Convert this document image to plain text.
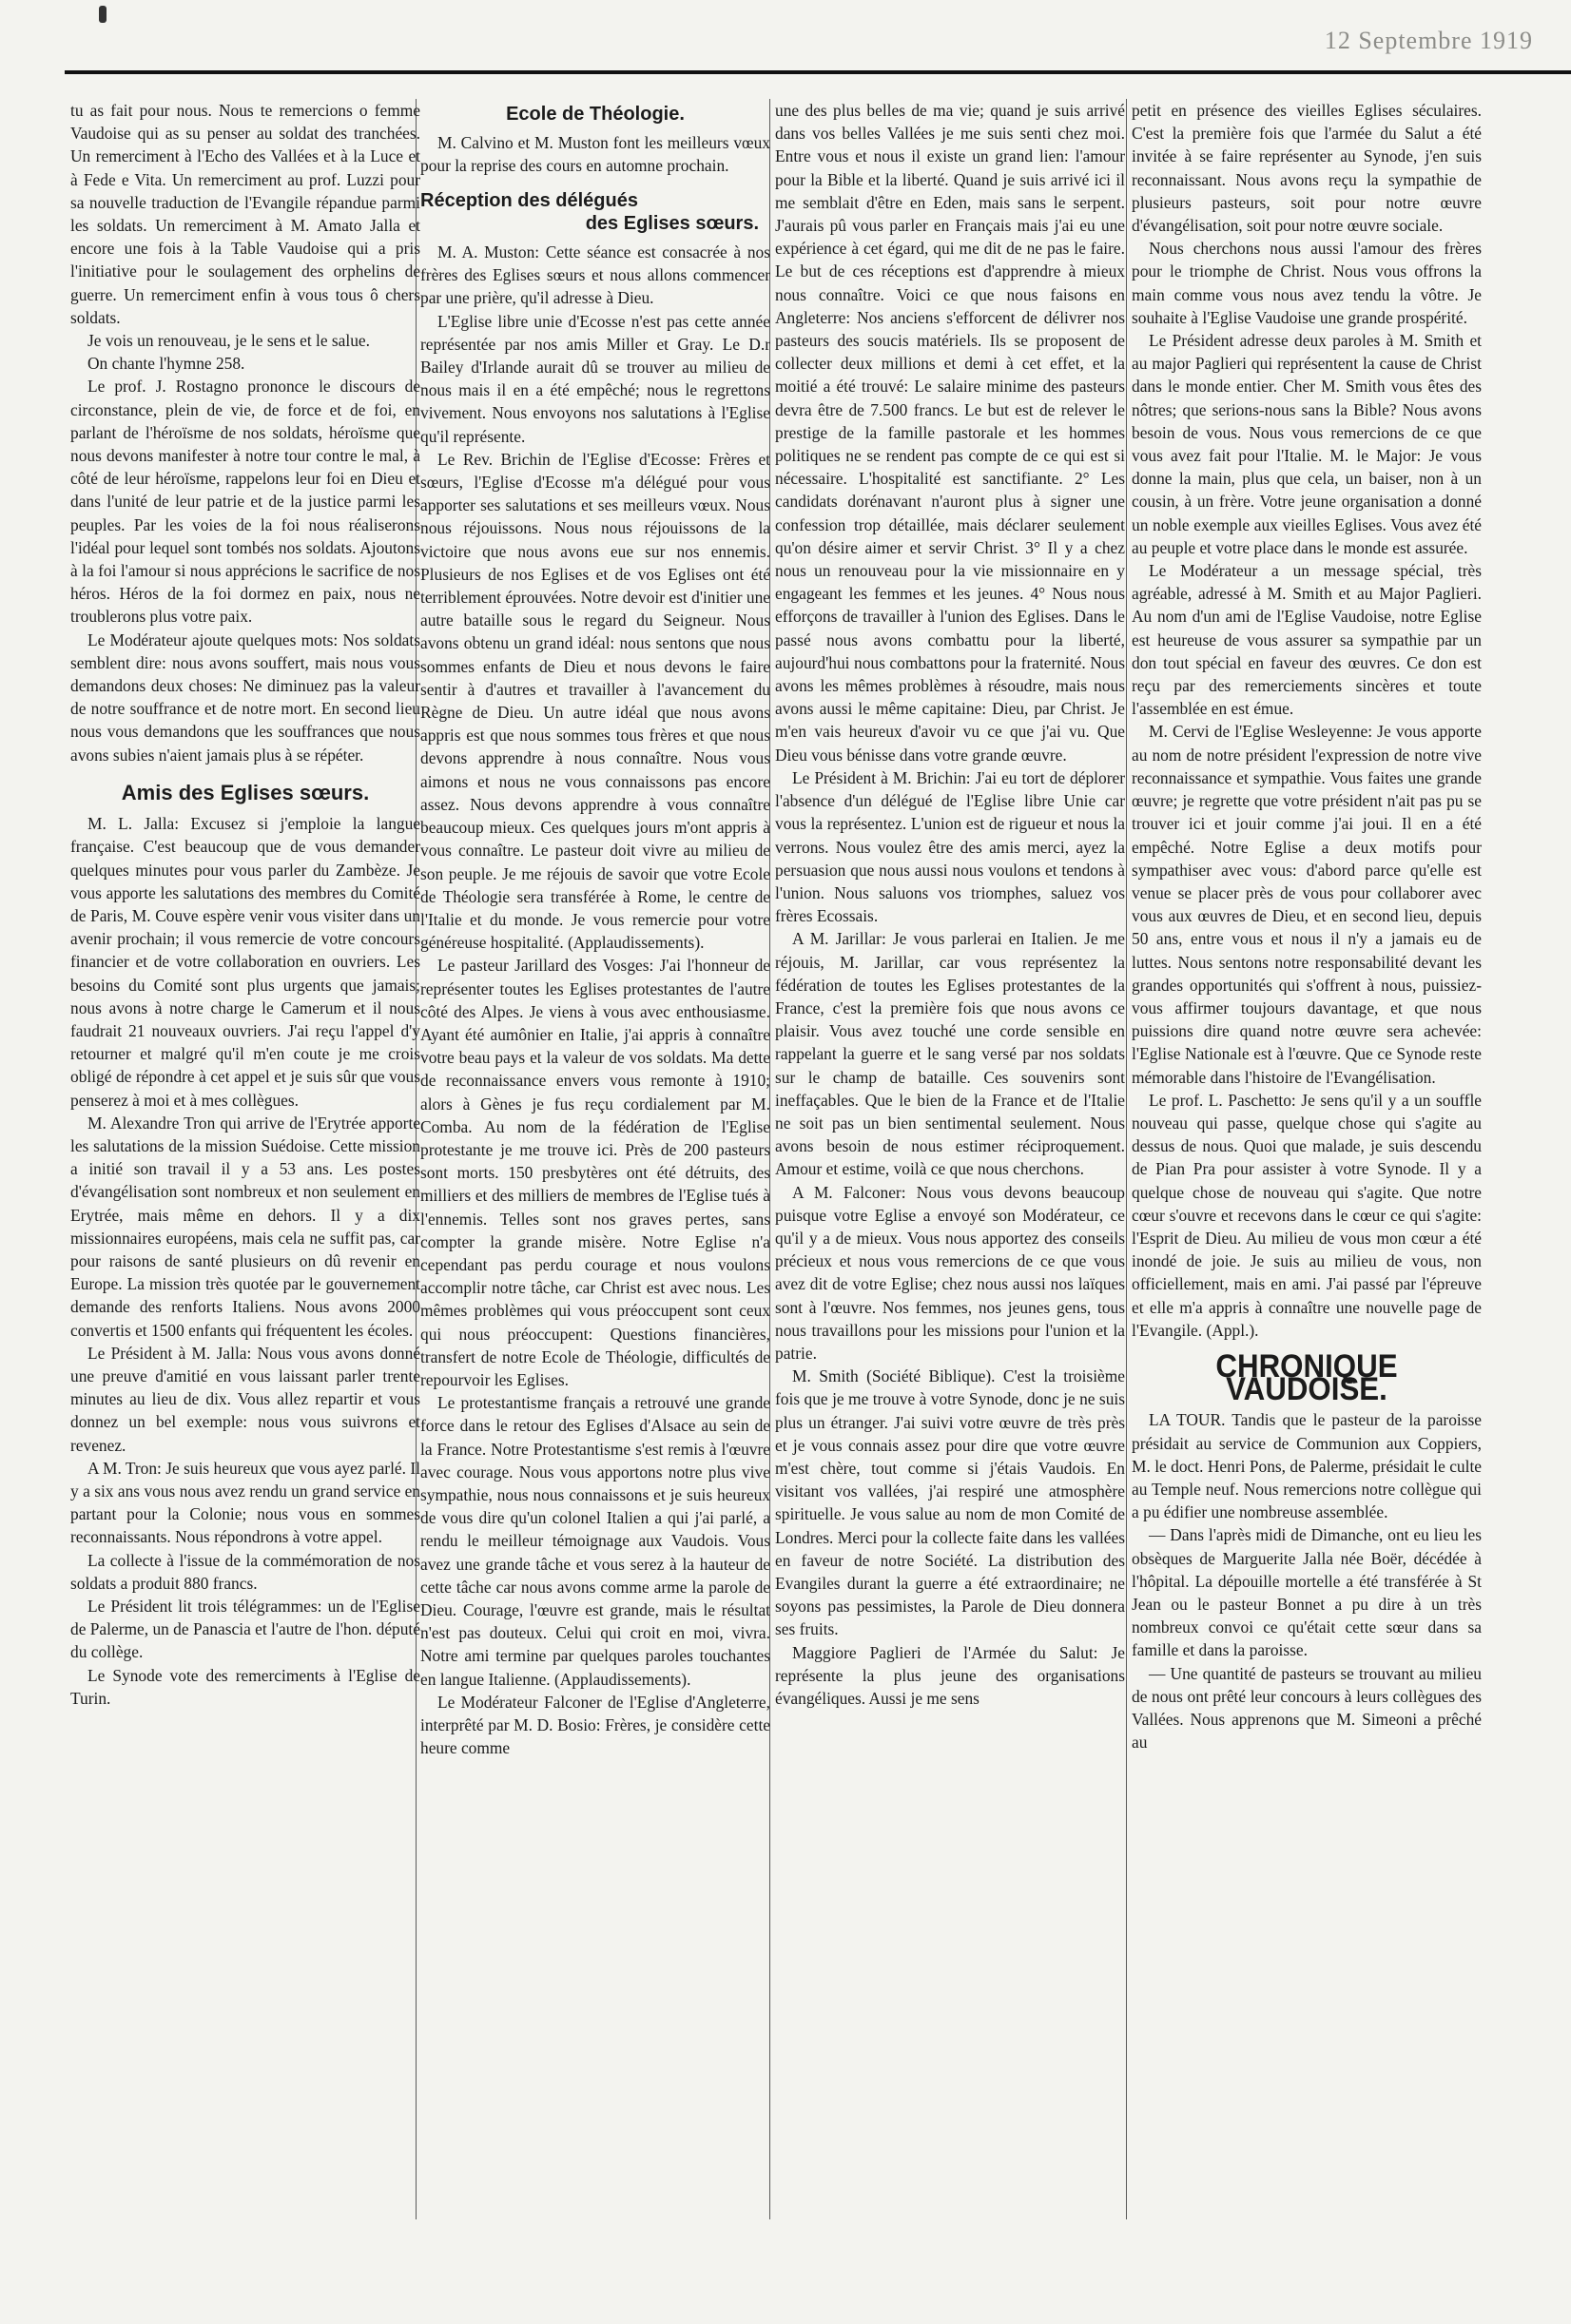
12 Septembre 1919

tu as fait pour nous. Nous te remercions o femme Vaudoise qui as su penser au soldat des tranchées. Un remerciment à l'Echo des Vallées et à la Luce et à Fede e Vita. Un remerciment au prof. Luzzi pour sa nouvelle traduction de l'Evangile répandue parmi les soldats. Un remerciment à M. Amato Jalla et encore une fois à la Table Vaudoise qui a pris l'initiative pour le soulagement des orphelins de guerre. Un remerciment enfin à vous tous ô chers soldats.

Je vois un renouveau, je le sens et le salue.

On chante l'hymne 258.

Le prof. J. Rostagno prononce le discours de circonstance, plein de vie, de force et de foi, en parlant de l'héroïsme de nos soldats, héroïsme que nous devons manifester à notre tour contre le mal, à côté de leur héroïsme, rappelons leur foi en Dieu et dans l'unité de leur patrie et de la justice parmi les peuples. Par les voies de la foi nous réaliserons l'idéal pour lequel sont tombés nos soldats. Ajoutons à la foi l'amour si nous apprécions le sacrifice de nos héros. Héros de la foi dormez en paix, nous ne troublerons plus votre paix.

Le Modérateur ajoute quelques mots: Nos soldats semblent dire: nous avons souffert, mais nous vous demandons deux choses: Ne diminuez pas la valeur de notre souffrance et de notre mort. En second lieu nous vous demandons que les souffrances que nous avons subies n'aient jamais plus à se répéter.

Amis des Eglises sœurs.

M. L. Jalla: Excusez si j'emploie la langue française. C'est beaucoup que de vous demander quelques minutes pour vous parler du Zambèze. Je vous apporte les salutations des membres du Comité de Paris, M. Couve espère venir vous visiter dans un avenir prochain; il vous remercie de votre concours financier et de votre collaboration en ouvriers. Les besoins du Comité sont plus urgents que jamais; nous avons à notre charge le Camerum et il nous faudrait 21 nouveaux ouvriers. J'ai reçu l'appel d'y retourner et malgré qu'il m'en coute je me crois obligé de répondre à cet appel et je suis sûr que vous penserez à moi et à mes collègues.

M. Alexandre Tron qui arrive de l'Erytrée apporte les salutations de la mission Suédoise. Cette mission a initié son travail il y a 53 ans. Les postes d'évangélisation sont nombreux et non seulement en Erytrée, mais même en dehors. Il y a dix missionnaires européens, mais cela ne suffit pas, car pour raisons de santé plusieurs on dû revenir en Europe. La mission très quotée par le gouvernement demande des renforts Italiens. Nous avons 2000 convertis et 1500 enfants qui fréquentent les écoles.

Le Président à M. Jalla: Nous vous avons donné une preuve d'amitié en vous laissant parler trente minutes au lieu de dix. Vous allez repartir et vous donnez un bel exemple: nous vous suivrons et revenez.

A M. Tron: Je suis heureux que vous ayez parlé. Il y a six ans vous nous avez rendu un grand service en partant pour la Colonie; nous vous en sommes reconnaissants. Nous répondrons à votre appel.

La collecte à l'issue de la commémoration de nos soldats a produit 880 francs.

Le Président lit trois télégrammes: un de l'Eglise de Palerme, un de Panascia et l'autre de l'hon. député du collège.

Le Synode vote des remerciments à l'Eglise de Turin.

Ecole de Théologie.

M. Calvino et M. Muston font les meilleurs vœux pour la reprise des cours en automne prochain.

Réception des délégués
des Eglises sœurs.

M. A. Muston: Cette séance est consacrée à nos frères des Eglises sœurs et nous allons commencer par une prière, qu'il adresse à Dieu.

L'Eglise libre unie d'Ecosse n'est pas cette année représentée par nos amis Miller et Gray. Le D.r Bailey d'Irlande aurait dû se trouver au milieu de nous mais il en a été empêché; nous le regrettons vivement. Nous envoyons nos salutations à l'Eglise qu'il représente.

Le Rev. Brichin de l'Eglise d'Ecosse: Frères et sœurs, l'Eglise d'Ecosse m'a délégué pour vous apporter ses salutations et ses meilleurs vœux. Nous nous réjouissons. Nous nous réjouissons de la victoire que nous avons eue sur nos ennemis. Plusieurs de nos Eglises et de vos Eglises ont été terriblement éprouvées. Notre devoir est d'initier une autre bataille sous le regard du Seigneur. Nous avons obtenu un grand idéal: nous sentons que nous sommes enfants de Dieu et nous devons le faire sentir à d'autres et travailler à l'avancement du Règne de Dieu. Un autre idéal que nous avons appris est que nous sommes tous frères et que nous devons apprendre à nous connaître. Nous vous aimons et nous ne vous connaissons pas encore assez. Nous devons apprendre à vous connaître beaucoup mieux. Ces quelques jours m'ont appris à vous connaître. Le pasteur doit vivre au milieu de son peuple. Je me réjouis de savoir que votre Ecole de Théologie sera transférée à Rome, le centre de l'Italie et du monde. Je vous remercie pour votre généreuse hospitalité. (Applaudissements).

Le pasteur Jarillard des Vosges: J'ai l'honneur de représenter toutes les Eglises protestantes de l'autre côté des Alpes. Je viens à vous avec enthousiasme. Ayant été aumônier en Italie, j'ai appris à connaître votre beau pays et la valeur de vos soldats. Ma dette de reconnaissance envers vous remonte à 1910; alors à Gènes je fus reçu cordialement par M. Comba. Au nom de la fédération de l'Eglise protestante je me trouve ici. Près de 200 pasteurs sont morts. 150 presbytères ont été détruits, des milliers et des milliers de membres de l'Eglise tués à l'ennemis. Telles sont nos graves pertes, sans compter la grande misère. Notre Eglise n'a cependant pas perdu courage et nous voulons accomplir notre tâche, car Christ est avec nous. Les mêmes problèmes qui vous préoccupent sont ceux qui nous préoccupent: Questions financières, transfert de notre Ecole de Théologie, difficultés de repourvoir les Eglises.

Le protestantisme français a retrouvé une grande force dans le retour des Eglises d'Alsace au sein de la France. Notre Protestantisme s'est remis à l'œuvre avec courage. Nous vous apportons notre plus vive sympathie, nous nous connaissons et je suis heureux de vous dire qu'un colonel Italien a qui j'ai parlé, a rendu le meilleur témoignage aux Vaudois. Vous avez une grande tâche et vous serez à la hauteur de cette tâche car nous avons comme arme la parole de Dieu. Courage, l'œuvre est grande, mais le résultat n'est pas douteux. Celui qui croit en moi, vivra. Notre ami termine par quelques paroles touchantes en langue Italienne. (Applaudissements).

Le Modérateur Falconer de l'Eglise d'Angleterre, interprêté par M. D. Bosio: Frères, je considère cette heure comme

une des plus belles de ma vie; quand je suis arrivé dans vos belles Vallées je me suis senti chez moi. Entre vous et nous il existe un grand lien: l'amour pour la Bible et la liberté. Quand je suis arrivé ici il me semblait d'être en Eden, mais sans le serpent. J'aurais pû vous parler en Français mais j'ai eu une expérience à cet égard, qui me dit de ne pas le faire. Le but de ces réceptions est d'apprendre à mieux nous connaître. Voici ce que nous faisons en Angleterre: Nos anciens s'efforcent de délivrer nos pasteurs des soucis matériels. Ils se proposent de collecter deux millions et demi à cet effet, et la moitié a été trouvé: Le salaire minime des pasteurs devra être de 7.500 francs. Le but est de relever le prestige de la famille pastorale et les hommes politiques ne se rendent pas compte de ce qui est si nécessaire. L'hospitalité est sanctifiante. 2° Les candidats dorénavant n'auront plus à signer une confession trop détaillée, mais déclarer seulement qu'on désire aimer et servir Christ. 3° Il y a chez nous un renouveau pour la vie missionnaire en y engageant les femmes et les jeunes. 4° Nous nous efforçons de travailler à l'union des Eglises. Dans le passé nous avons combattu pour la liberté, aujourd'hui nous combattons pour la fraternité. Nous avons les mêmes problèmes à résoudre, mais nous avons aussi le même capitaine: Dieu, par Christ. Je m'en vais heureux d'avoir vu ce que j'ai vu. Que Dieu vous bénisse dans votre grande œuvre.

Le Président à M. Brichin: J'ai eu tort de déplorer l'absence d'un délégué de l'Eglise libre Unie car vous la représentez. L'union est de rigueur et nous la verrons. Nous voulez être des amis merci, ayez la persuasion que nous aussi nous voulons et tendons à l'union. Nous saluons vos triomphes, saluez vos frères Ecossais.

A M. Jarillar: Je vous parlerai en Italien. Je me réjouis, M. Jarillar, car vous représentez la fédération de toutes les Eglises protestantes de la France, c'est la première fois que nous avons ce plaisir. Vous avez touché une corde sensible en rappelant la guerre et le sang versé par nos soldats sur le champ de bataille. Ces souvenirs sont ineffaçables. Que le bien de la France et de l'Italie ne soit pas un bien sentimental seulement. Nous avons besoin de nous estimer réciproquement. Amour et estime, voilà ce que nous cherchons.

A M. Falconer: Nous vous devons beaucoup puisque votre Eglise a envoyé son Modérateur, ce qu'il y a de mieux. Vous nous apportez des conseils précieux et nous vous remercions de ce que vous avez dit de votre Eglise; chez nous aussi nos laïques sont à l'œuvre. Nos femmes, nos jeunes gens, tous nous travaillons pour les missions pour l'union et la patrie.

M. Smith (Société Biblique). C'est la troisième fois que je me trouve à votre Synode, donc je ne suis plus un étranger. J'ai suivi votre œuvre de très près et je vous connais assez pour dire que votre œuvre m'est chère, tout comme si j'étais Vaudois. En visitant vos vallées, j'ai respiré une atmosphère spirituelle. Je vous salue au nom de mon Comité de Londres. Merci pour la collecte faite dans les vallées en faveur de notre Société. La distribution des Evangiles durant la guerre a été extraordinaire; ne soyons pas pessimistes, la Parole de Dieu donnera ses fruits.

Maggiore Paglieri de l'Armée du Salut: Je représente la plus jeune des organisations évangéliques. Aussi je me sens

petit en présence des vieilles Eglises séculaires. C'est la première fois que l'armée du Salut a été invitée à se faire représenter au Synode, j'en suis reconnaissant. Nous avons reçu la sympathie de plusieurs pasteurs, soit pour notre œuvre d'évangélisation, soit pour notre œuvre sociale.

Nous cherchons nous aussi l'amour des frères pour le triomphe de Christ. Nous vous offrons la main comme vous nous avez tendu la vôtre. Je souhaite à l'Eglise Vaudoise une grande prospérité.

Le Président adresse deux paroles à M. Smith et au major Paglieri qui représentent la cause de Christ dans le monde entier. Cher M. Smith vous êtes des nôtres; que serions-nous sans la Bible? Nous avons besoin de vous. Nous vous remercions de ce que vous avez fait pour l'Italie. M. le Major: Je vous donne la main, plus que cela, un baiser, non à un cousin, à un frère. Votre jeune organisation a donné un noble exemple aux vieilles Eglises. Vous avez été au peuple et votre place dans le monde est assurée.

Le Modérateur a un message spécial, très agréable, adressé à M. Smith et au Major Paglieri. Au nom d'un ami de l'Eglise Vaudoise, notre Eglise est heureuse de vous assurer sa sympathie par un don tout spécial en faveur des œuvres. Ce don est reçu par des remerciements sincères et toute l'assemblée en est émue.

M. Cervi de l'Eglise Wesleyenne: Je vous apporte au nom de notre président l'expression de notre vive reconnaissance et sympathie. Vous faites une grande œuvre; je regrette que votre président n'ait pas pu se trouver ici et jouir comme j'ai joui. Il en a été empêché. Notre Eglise a deux motifs pour sympathiser avec vous: d'abord parce qu'elle est venue se placer près de vous pour collaborer avec vous aux œuvres de Dieu, et en second lieu, depuis 50 ans, entre vous et nous il n'y a jamais eu de luttes. Nous sentons notre responsabilité devant les grandes opportunités qui s'offrent à nous, puissiez-vous affirmer toujours davantage, et que nous puissions dire quand notre œuvre sera achevée: l'Eglise Nationale est à l'œuvre. Que ce Synode reste mémorable dans l'histoire de l'Evangélisation.

Le prof. L. Paschetto: Je sens qu'il y a un souffle nouveau qui passe, quelque chose qui s'agite au dessus de nous. Quoi que malade, je suis descendu de Pian Pra pour assister à votre Synode. Il y a quelque chose de nouveau qui s'agite. Que notre cœur s'ouvre et recevons dans le cœur ce qui s'agite: l'Esprit de Dieu. Au milieu de vous mon cœur a été inondé de joie. Je suis au milieu de vous, non officiellement, mais en ami. J'ai passé par l'épreuve et elle m'a appris à connaître une nouvelle page de l'Evangile. (Appl.).

CHRONIQUE VAUDOISE.

LA TOUR. Tandis que le pasteur de la paroisse présidait au service de Communion aux Coppiers, M. le doct. Henri Pons, de Palerme, présidait le culte au Temple neuf. Nous remercions notre collègue qui a pu édifier une nombreuse assemblée.

— Dans l'après midi de Dimanche, ont eu lieu les obsèques de Marguerite Jalla née Boër, décédée à l'hôpital. La dépouille mortelle a été transférée à St Jean ou le pasteur Bonnet a pu dire à un très nombreux convoi ce qu'était cette sœur dans sa famille et dans la paroisse.

— Une quantité de pasteurs se trouvant au milieu de nous ont prêté leur concours à leurs collègues des Vallées. Nous apprenons que M. Simeoni a prêché au
